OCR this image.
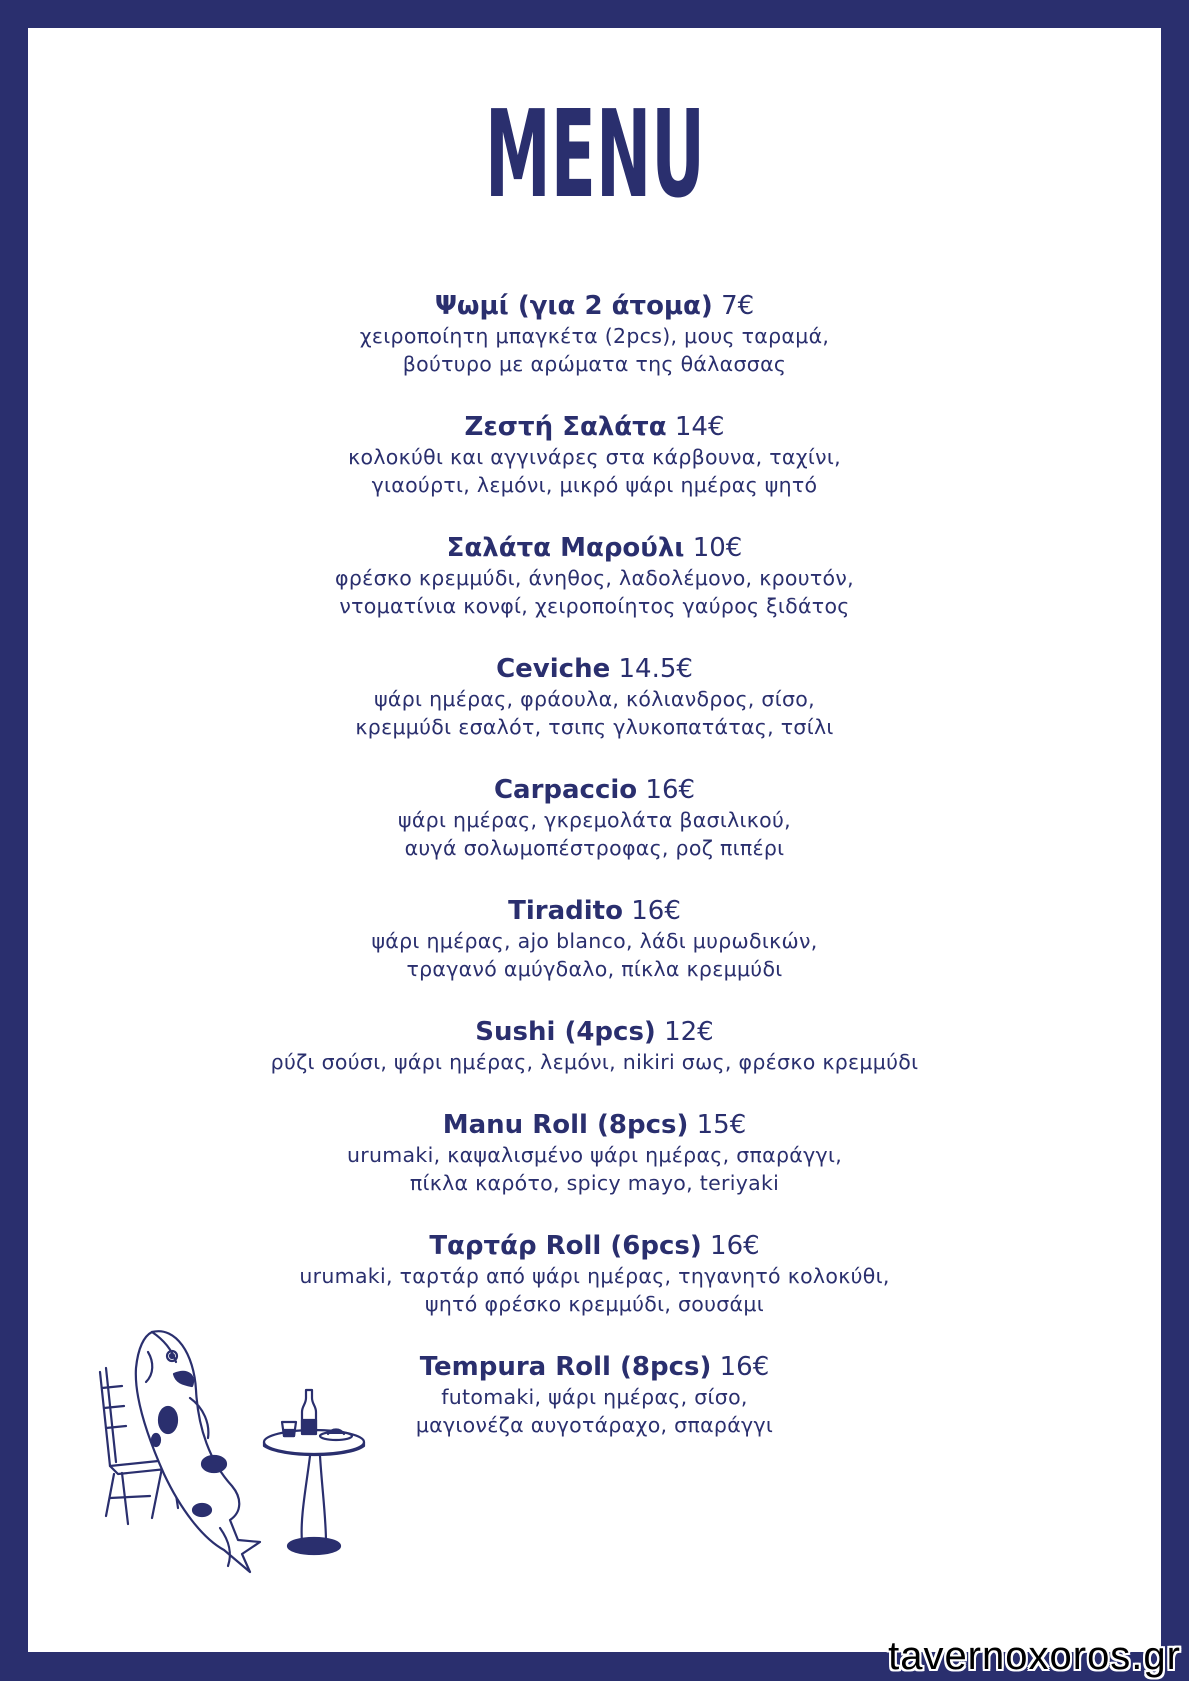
MENU
Ψωμί (για 2 άτομα) 7€
χειροποίητη μπαγκέτα (2pcs), μους ταραμά,
βούτυρο με αρώματα της θάλασσας
Ζεστή Σαλάτα 14€
κολοκύθι και αγγινάρες στα κάρβουνα, ταχίνι,
γιαούρτι, λεμόνι, μικρό ψάρι ημέρας ψητό
Σαλάτα Μαρούλι 10€
φρέσκο κρεμμύδι, άνηθος, λαδολέμονο, κρουτόν,
ντοματίνια κονφί, χειροποίητος γαύρος ξιδάτος
Ceviche 14.5€
ψάρι ημέρας, φράουλα, κόλιανδρος, σίσο,
κρεμμύδι εσαλότ, τσιπς γλυκοπατάτας, τσίλι
Carpaccio 16€
ψάρι ημέρας, γκρεμολάτα βασιλικού,
αυγά σολωμοπέστροφας, ροζ πιπέρι
Tiradito 16€
ψάρι ημέρας, ajo blanco, λάδι μυρωδικών,
τραγανό αμύγδαλο, πίκλα κρεμμύδι
Sushi (4pcs) 12€
ρύζι σούσι, ψάρι ημέρας, λεμόνι, nikiri σως, φρέσκο κρεμμύδι
Manu Roll (8pcs) 15€
urumaki, καψαλισμένο ψάρι ημέρας, σπαράγγι,
πίκλα καρότο, spicy mayo, teriyaki
Ταρτάρ Roll (6pcs) 16€
urumaki, ταρτάρ από ψάρι ημέρας, τηγανητό κολοκύθι,
ψητό φρέσκο κρεμμύδι, σουσάμι
Tempura Roll (8pcs) 16€
futomaki, ψάρι ημέρας, σίσο,
μαγιονέζα αυγοτάραχο, σπαράγγι
tavernoxoros.gr
